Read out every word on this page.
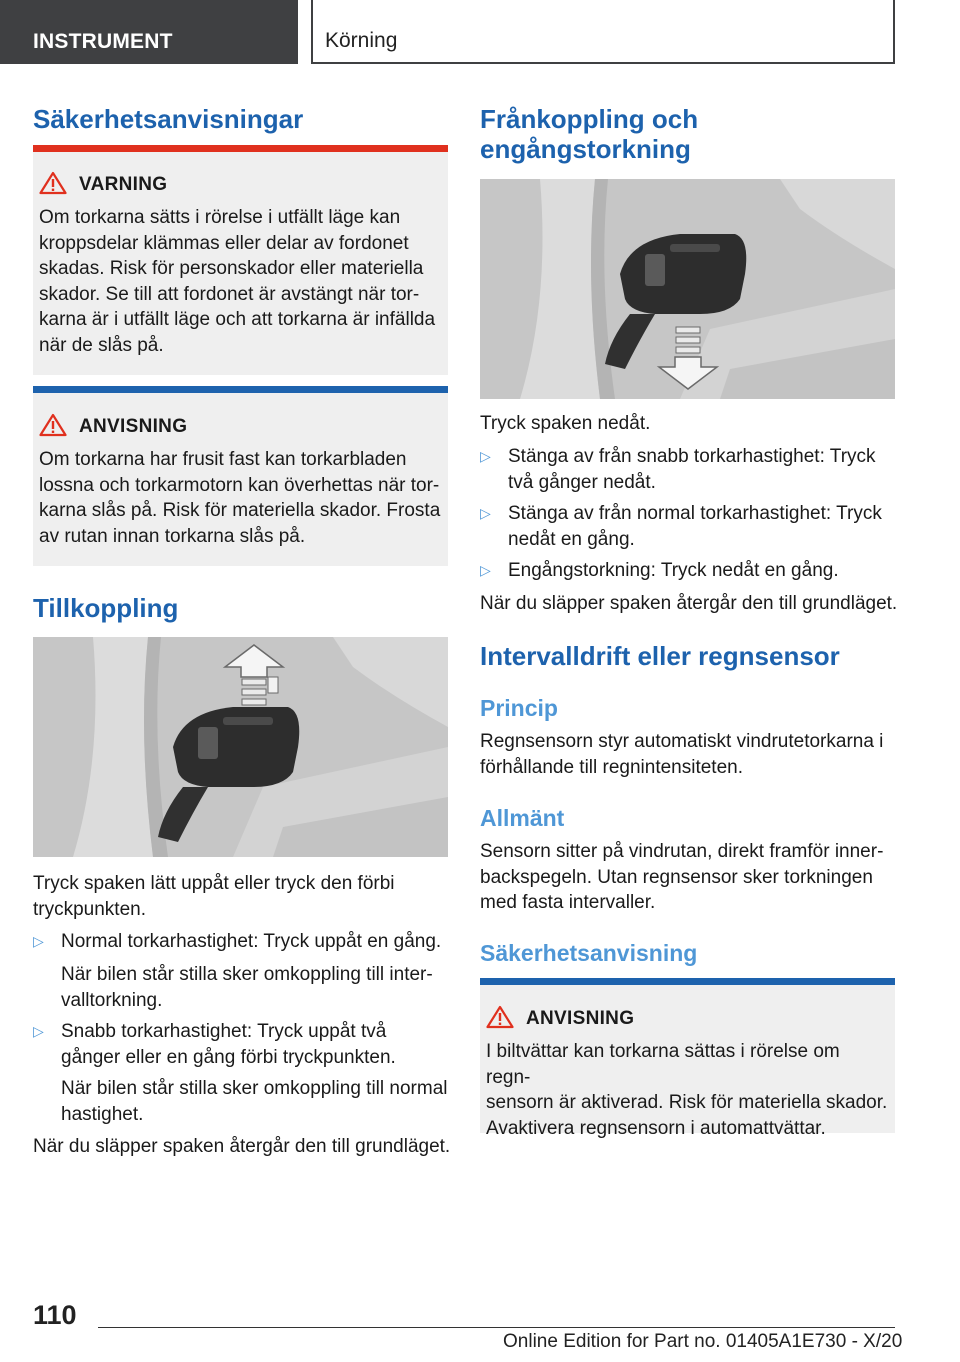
INSTRUMENT	Körning
Säkerhetsanvisningar
VARNING
Om torkarna sätts i rörelse i utfällt läge kan
kroppsdelar klämmas eller delar av fordonet
skadas. Risk för personskador eller materiella
skador. Se till att fordonet är avstängt när tor-
karna är i utfällt läge och att torkarna är infällda
när de slås på.
ANVISNING
Om torkarna har frusit fast kan torkarbladen
lossna och torkarmotorn kan överhettas när tor-
karna slås på. Risk för materiella skador. Frosta
av rutan innan torkarna slås på.
Tillkoppling
Tryck spaken lätt uppåt eller tryck den förbi
tryckpunkten.
▷ Normal torkarhastighet: Tryck uppåt en gång.
När bilen står stilla sker omkoppling till inter-
valltorkning.
▷ Snabb torkarhastighet: Tryck uppåt två
gånger eller en gång förbi tryckpunkten.
När bilen står stilla sker omkoppling till normal
hastighet.
När du släpper spaken återgår den till grundläget.
Frånkoppling och
engångstorkning
Tryck spaken nedåt.
▷ Stänga av från snabb torkarhastighet: Tryck
två gånger nedåt.
▷ Stänga av från normal torkarhastighet: Tryck
nedåt en gång.
▷ Engångstorkning: Tryck nedåt en gång.
När du släpper spaken återgår den till grundläget.
Intervalldrift eller regnsensor
Princip
Regnsensorn styr automatiskt vindrutetorkarna i
förhållande till regnintensiteten.
Allmänt
Sensorn sitter på vindrutan, direkt framför inner-
backspegeln. Utan regnsensor sker torkningen
med fasta intervaller.
Säkerhetsanvisning
ANVISNING
I biltvättar kan torkarna sättas i rörelse om regn-
sensorn är aktiverad. Risk för materiella skador.
Avaktivera regnsensorn i automattvättar.
110
Online Edition for Part no. 01405A1E730 - X/20
